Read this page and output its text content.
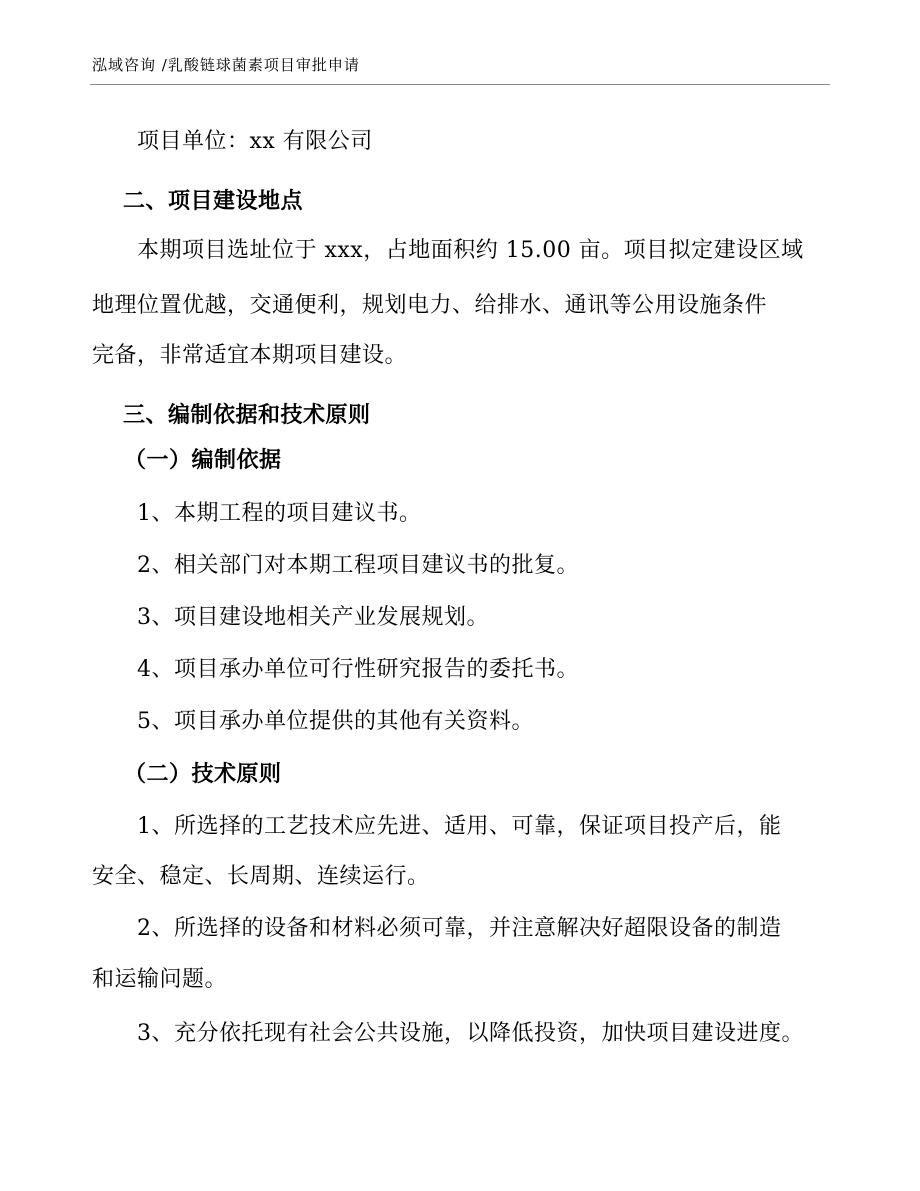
泓域咨询 /乳酸链球菌素项目审批申请
项目单位：xx 有限公司
二、项目建设地点
本期项目选址位于 xxx，占地面积约 15.00 亩。项目拟定建设区域
地理位置优越，交通便利，规划电力、给排水、通讯等公用设施条件
完备，非常适宜本期项目建设。
三、编制依据和技术原则
（一）编制依据
1、本期工程的项目建议书。
2、相关部门对本期工程项目建议书的批复。
3、项目建设地相关产业发展规划。
4、项目承办单位可行性研究报告的委托书。
5、项目承办单位提供的其他有关资料。
（二）技术原则
1、所选择的工艺技术应先进、适用、可靠，保证项目投产后，能
安全、稳定、长周期、连续运行。
2、所选择的设备和材料必须可靠，并注意解决好超限设备的制造
和运输问题。
3、充分依托现有社会公共设施，以降低投资，加快项目建设进度。
